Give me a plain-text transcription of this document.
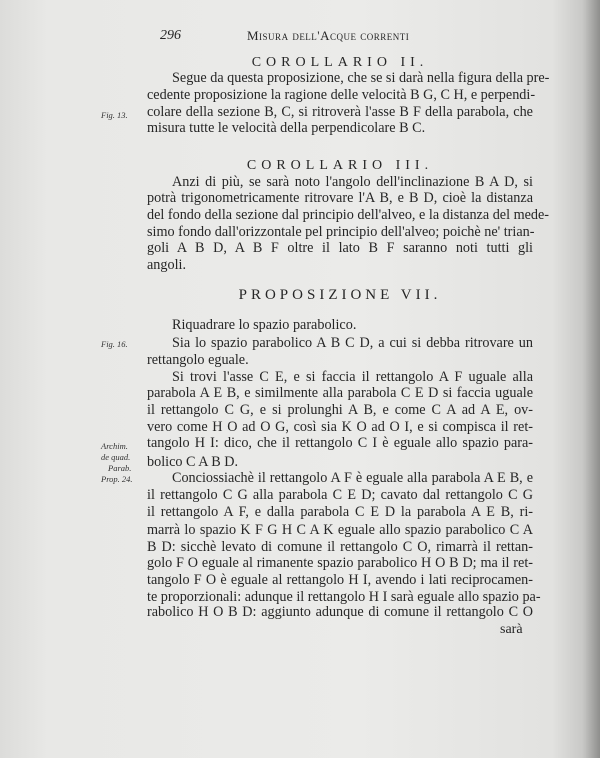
296	Misura dell'Acque correnti
COROLLARIO II.
Segue da questa proposizione, che se si darà nella figura della pre-
cedente proposizione la ragione delle velocità B G, C H, e perpendi-
colare della sezione B, C, si ritroverà l'asse B F della parabola, che
misura tutte le velocità della perpendicolare B C.
COROLLARIO III.
Anzi di più, se sarà noto l'angolo dell'inclinazione B A D, si
potrà trigonometricamente ritrovare l'A B, e B D, cioè la distanza
del fondo della sezione dal principio dell'alveo, e la distanza del mede-
simo fondo dall'orizzontale pel principio dell'alveo; poichè ne' trian-
goli A B D, A B F oltre il lato B F saranno noti tutti gli
angoli.
PROPOSIZIONE VII.
Riquadrare lo spazio parabolico.
Sia lo spazio parabolico A B C D, a cui si debba ritrovare un
rettangolo eguale.
Si trovi l'asse C E, e si faccia il rettangolo A F uguale alla
parabola A E B, e similmente alla parabola C E D si faccia uguale
il rettangolo C G, e si prolunghi A B, e come C A ad A E, ov-
vero come H O ad O G, così sia K O ad O I, e si compisca il ret-
tangolo H I: dico, che il rettangolo C I è eguale allo spazio para-
bolico C A B D.
Conciossiachè il rettangolo A F è eguale alla parabola A E B, e
il rettangolo C G alla parabola C E D; cavato dal rettangolo C G
il rettangolo A F, e dalla parabola C E D la parabola A E B, ri-
marrà lo spazio K F G H C A K eguale allo spazio parabolico C A
B D: sicchè levato di comune il rettangolo C O, rimarrà il rettan-
golo F O eguale al rimanente spazio parabolico H O B D; ma il ret-
tangolo F O è eguale al rettangolo H I, avendo i lati reciprocamen-
te proporzionali: adunque il rettangolo H I sarà eguale allo spazio pa-
rabolico H O B D: aggiunto adunque di comune il rettangolo C O
Fig. 13.
Fig. 16.
Archim.
de quad.
Parab.
Prop. 24.
sarà
